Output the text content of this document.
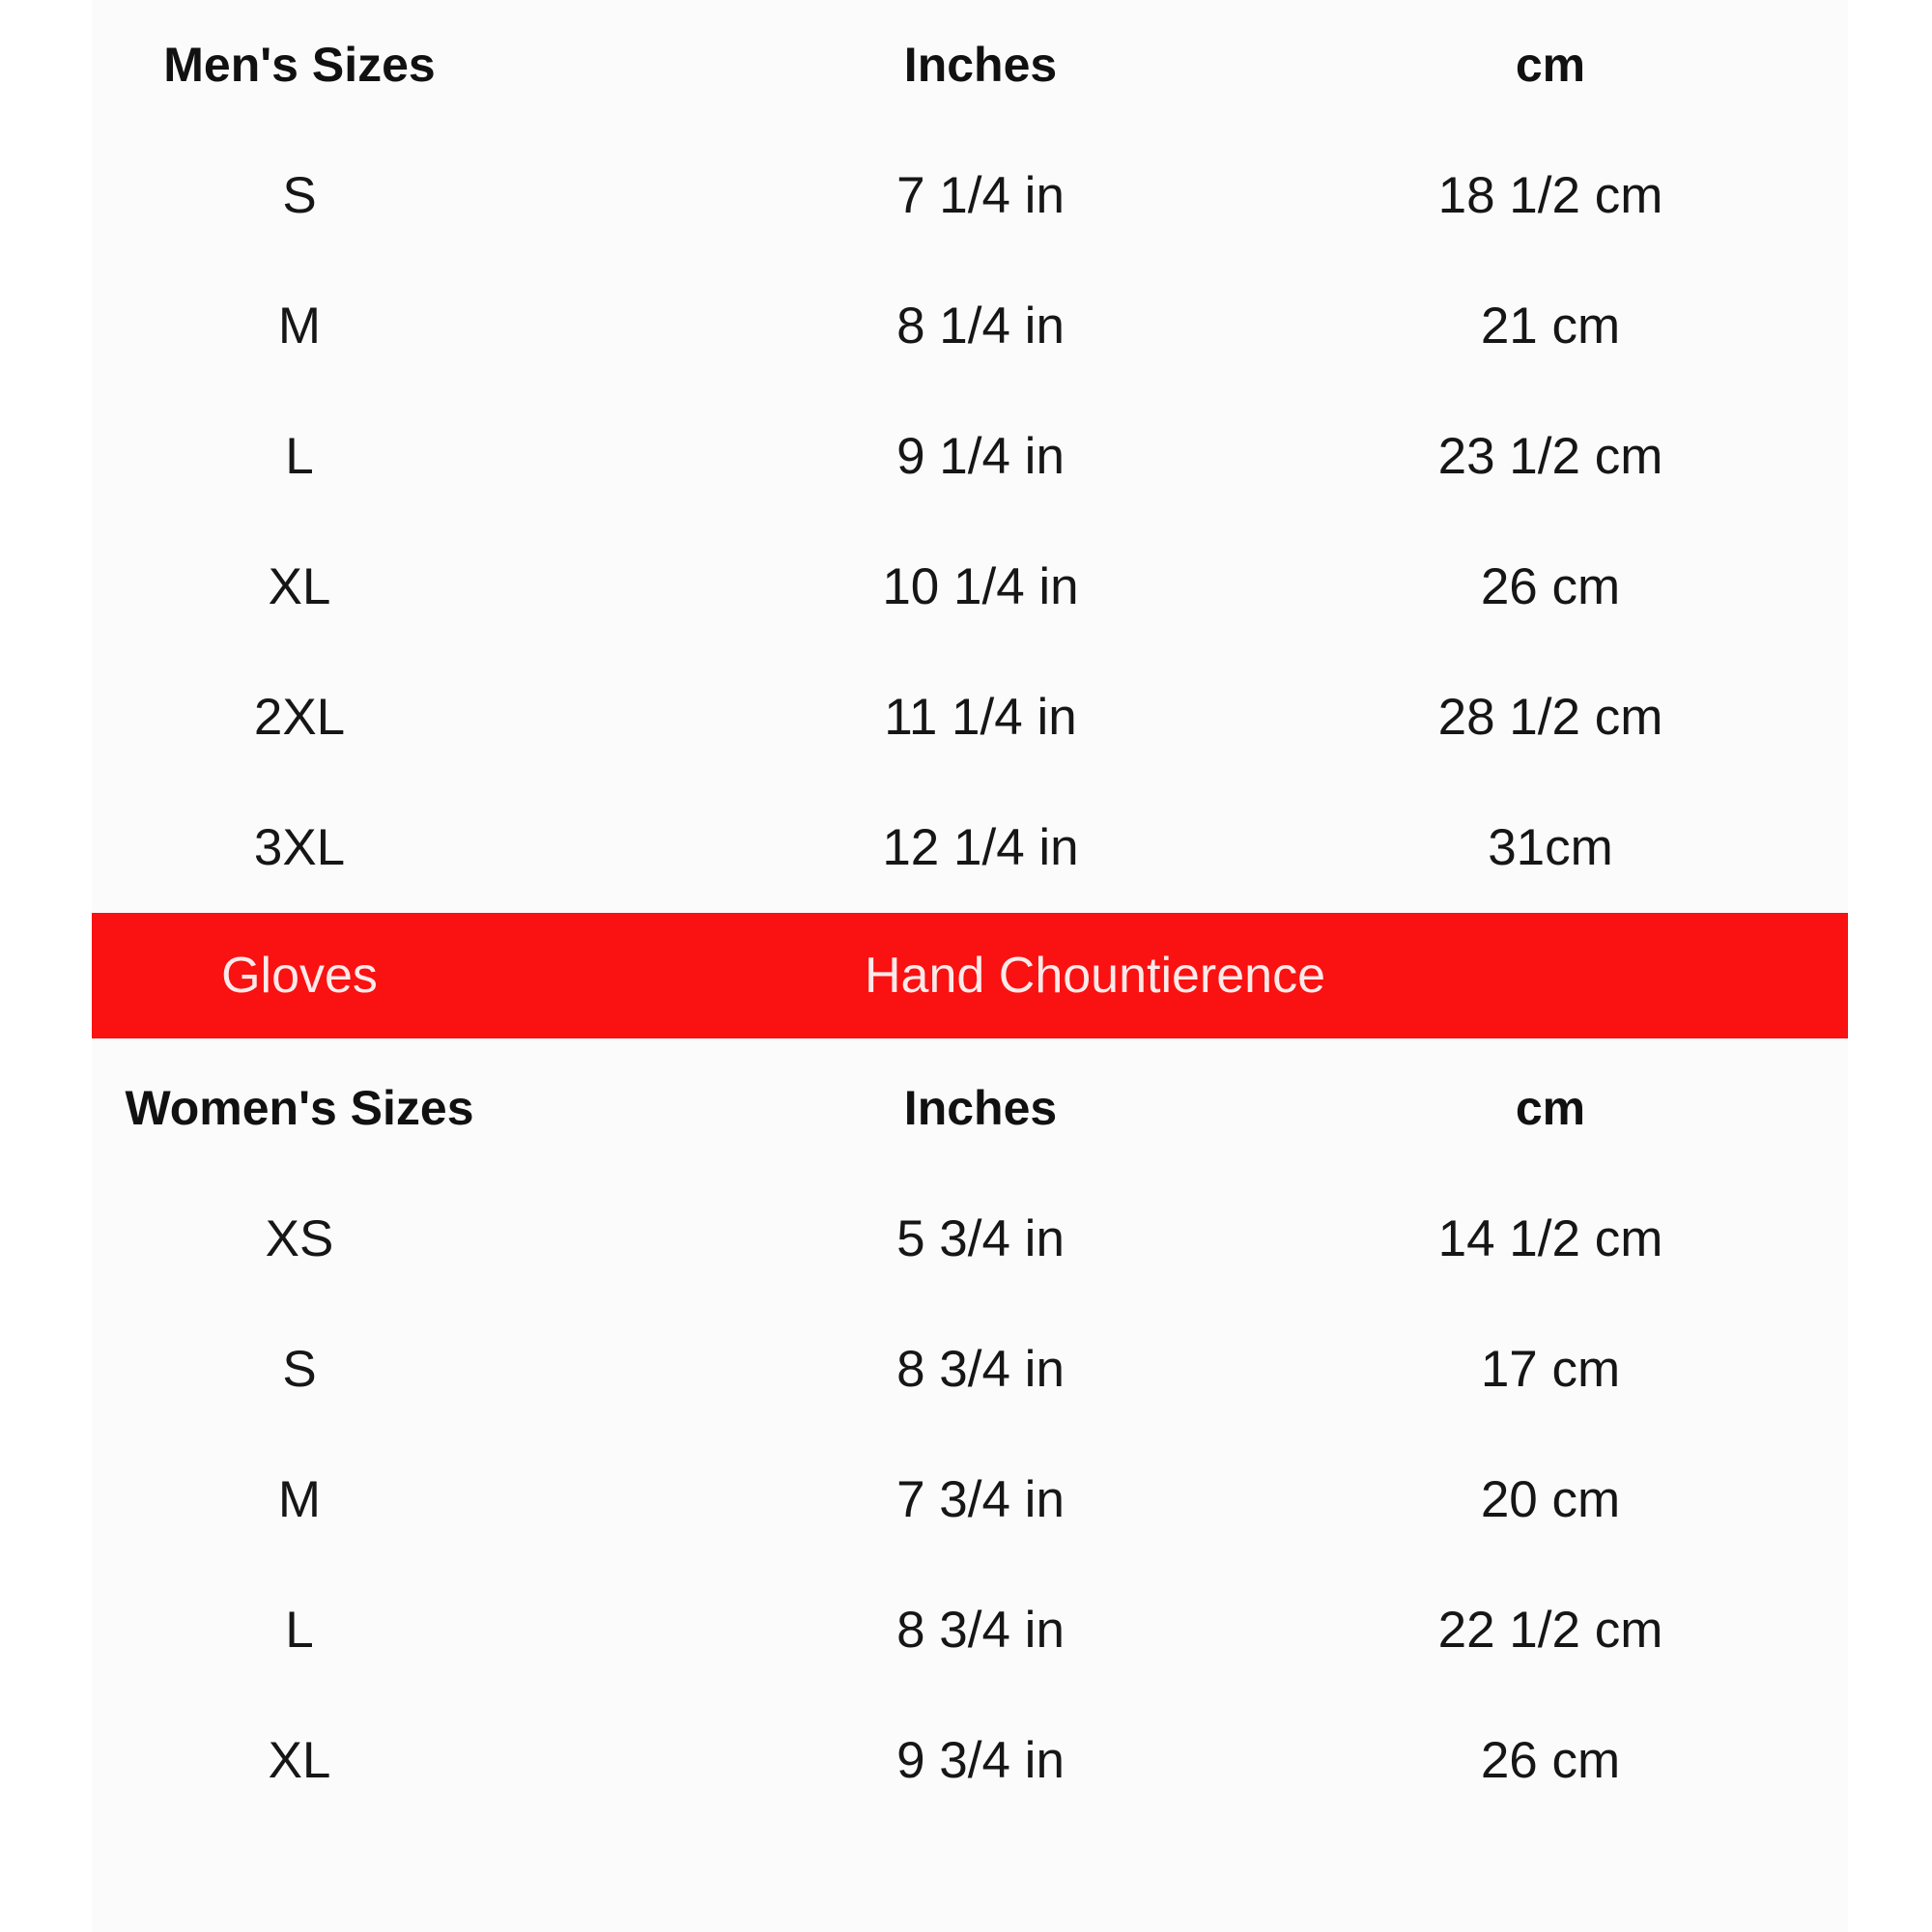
Men's Sizes	Inches	cm
S	7 1/4 in	18 1/2 cm
M	8 1/4 in	21 cm
L	9 1/4 in	23 1/2 cm
XL	10 1/4 in	26 cm
2XL	11 1/4 in	28 1/2 cm
3XL	12 1/4 in	31cm
Gloves	Hand Chountierence
Women's Sizes	Inches	cm
XS	5 3/4 in	14 1/2 cm
S	8 3/4 in	17 cm
M	7 3/4 in	20 cm
L	8 3/4 in	22 1/2 cm
XL	9 3/4 in	26 cm
